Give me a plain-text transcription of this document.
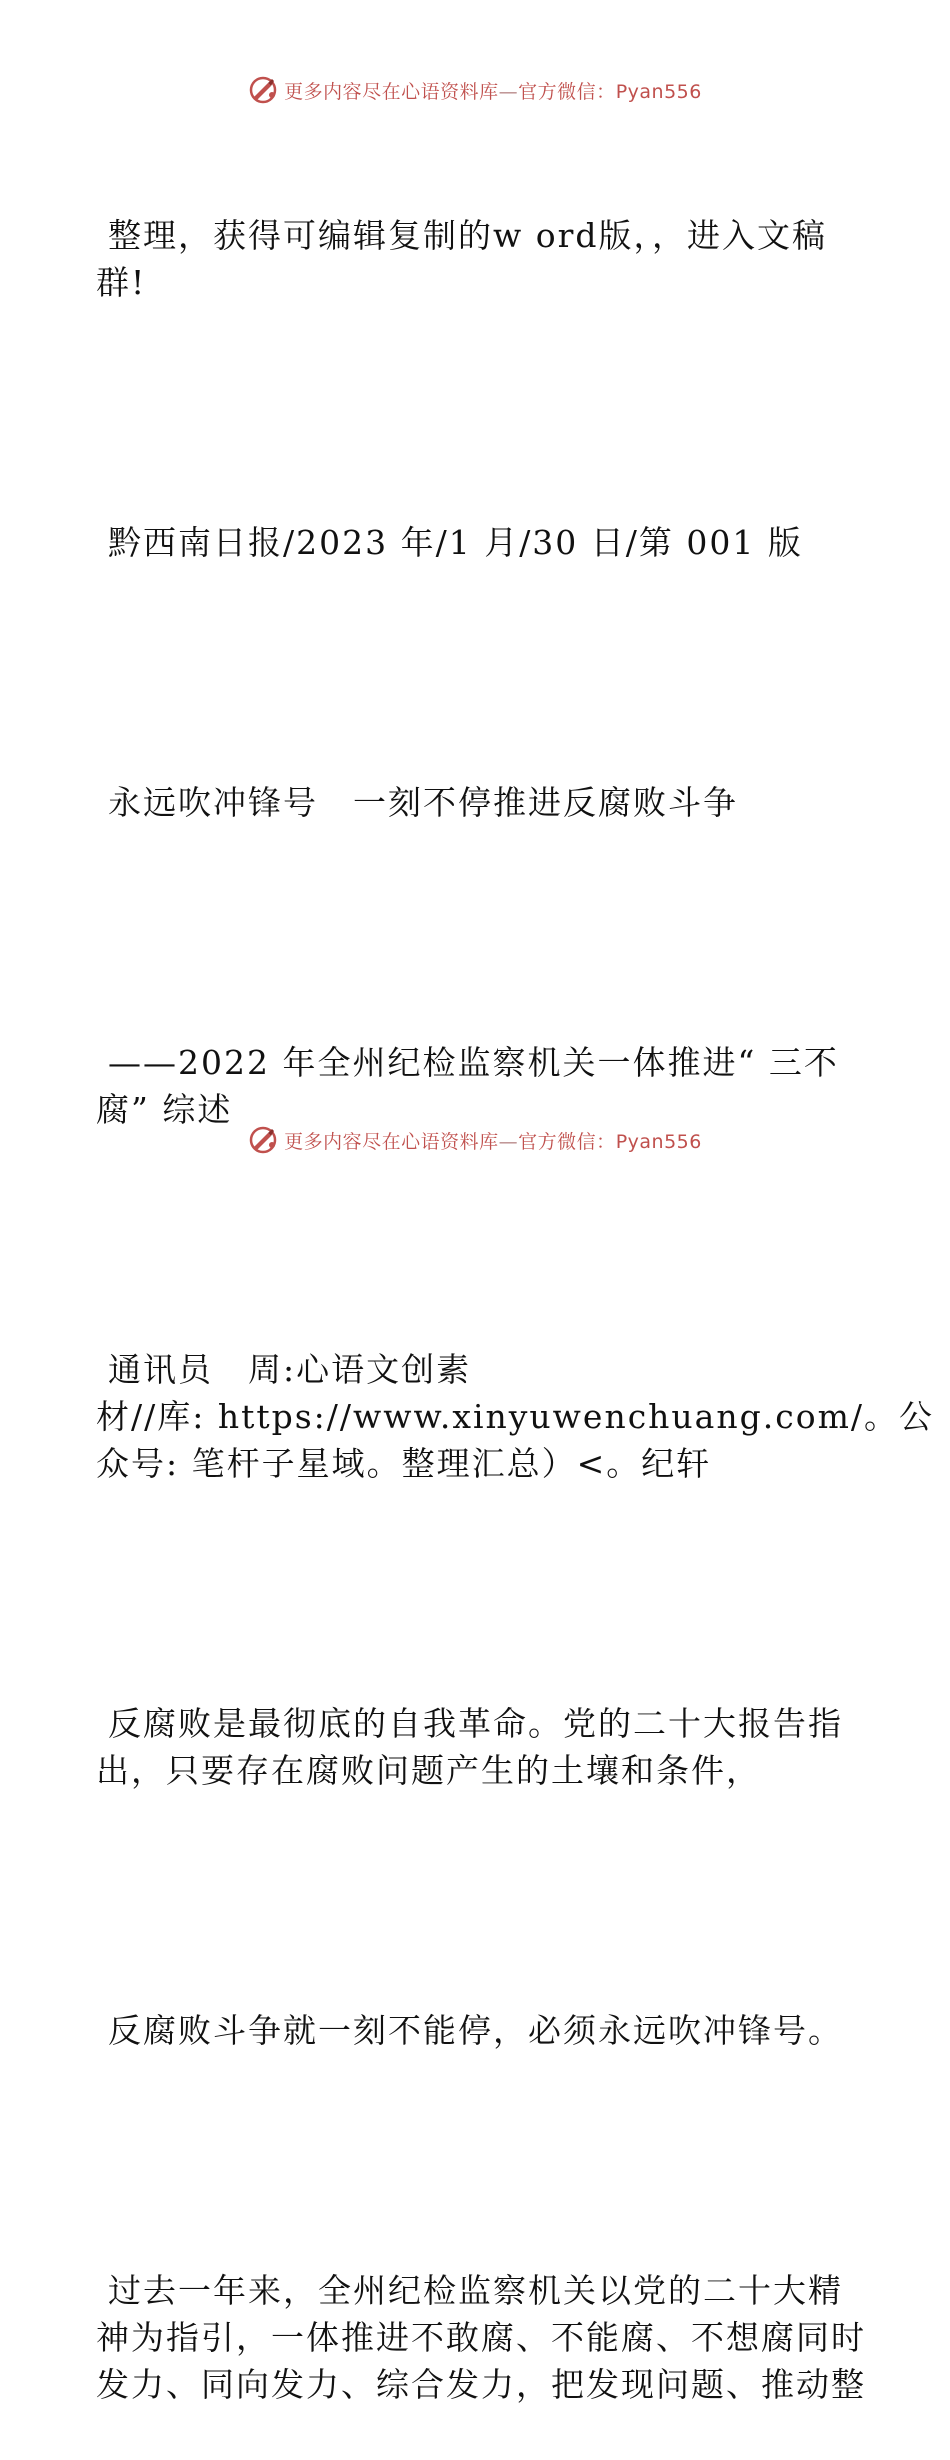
更多内容尽在心语资料库—官方微信：Pyan556

整理，获得可编辑复制的w ord版，，进入文稿
群!

黔西南日报/2023 年/1 月/30 日/第 001 版

永远吹冲锋号　一刻不停推进反腐败斗争

——2022 年全州纪检监察机关一体推进“ 三不
腐” 综述

通讯员　周:心语文创素
材//库: https://www.xinyuwenchuang.com/。公
众号: 笔杆子星域。整理汇总）<。纪轩

反腐败是最彻底的自我革命。党的二十大报告指
出，只要存在腐败问题产生的土壤和条件，

反腐败斗争就一刻不能停，必须永远吹冲锋号。

过去一年来，全州纪检监察机关以党的二十大精
神为指引，一体推进不敢腐、不能腐、不想腐同时
发力、同向发力、综合发力，把发现问题、推动整

更多内容尽在心语资料库—官方微信：Pyan556
